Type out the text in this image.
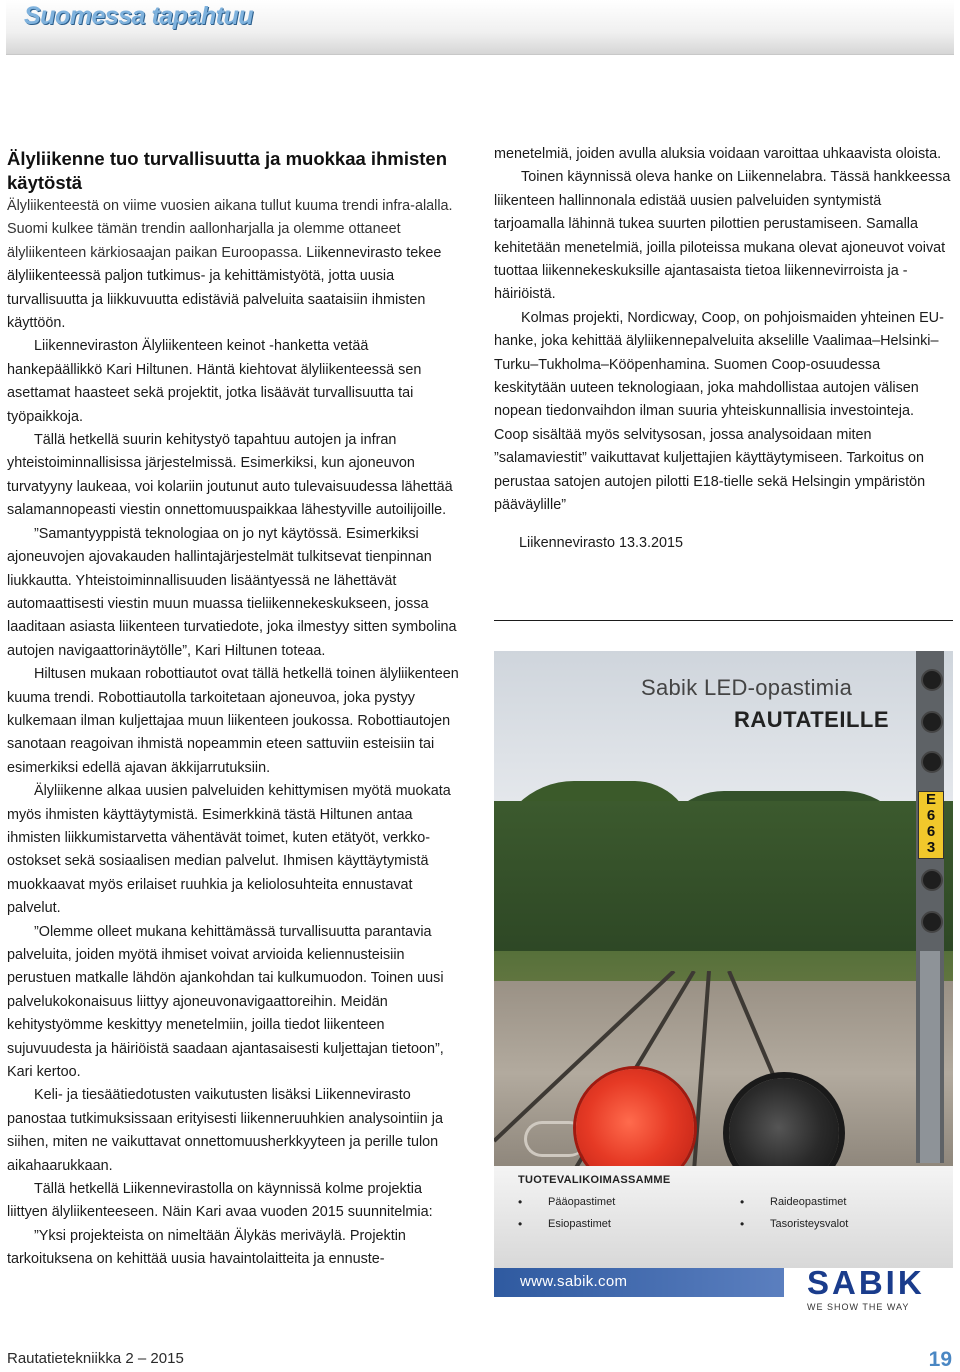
Suomessa tapahtuu
Älyliikenne tuo turvallisuutta ja muokkaa ihmisten käytöstä

Älyliikenteestä on viime vuosien aikana tullut kuuma trendi infra-alalla. Suomi kulkee tämän trendin aallonharjalla ja olemme ottaneet älyliikenteen kärkiosaajan paikan Euroopassa. Liikennevirasto tekee älyliikenteessä paljon tutkimus- ja kehittämistyötä, jotta uusia turvallisuutta ja liikkuvuutta edistäviä palveluita saataisiin ihmisten käyttöön.

Liikenneviraston Älyliikenteen keinot -hanketta vetää hankepäällikkö Kari Hiltunen. Häntä kiehtovat älyliikenteessä sen asettamat haasteet sekä projektit, jotka lisäävät turvallisuutta tai työpaikkoja.

Tällä hetkellä suurin kehitystyö tapahtuu autojen ja infran yhteistoiminnallisissa järjestelmissä. Esimerkiksi, kun ajoneuvon turvatyyny laukeaa, voi kolariin joutunut auto tulevaisuudessa lähettää salamannopeasti viestin onnettomuuspaikkaa lähestyville autoilijoille.

”Samantyyppistä teknologiaa on jo nyt käytössä. Esimerkiksi ajoneuvojen ajovakauden hallintajärjestelmät tulkitsevat tienpinnan liukkautta. Yhteistoiminnallisuuden lisääntyessä ne lähettävät automaattisesti viestin muun muassa tieliikennekeskukseen, jossa laaditaan asiasta liikenteen turvatiedote, joka ilmestyy sitten symbolina autojen navigaattorinäytölle”, Kari Hiltunen toteaa.

Hiltusen mukaan robottiautot ovat tällä hetkellä toinen älyliikenteen kuuma trendi. Robottiautolla tarkoitetaan ajoneuvoa, joka pystyy kulkemaan ilman kuljettajaa muun liikenteen joukossa. Robottiautojen sanotaan reagoivan ihmistä nopeammin eteen sattuviin esteisiin tai esimerkiksi edellä ajavan äkkijarrutuksiin.

Älyliikenne alkaa uusien palveluiden kehittymisen myötä muokata myös ihmisten käyttäytymistä. Esimerkkinä tästä Hiltunen antaa ihmisten liikkumistarvetta vähentävät toimet, kuten etätyöt, verkko-ostokset sekä sosiaalisen median palvelut. Ihmisen käyttäytymistä muokkaavat myös erilaiset ruuhkia ja keliolosuhteita ennustavat palvelut.

”Olemme olleet mukana kehittämässä turvallisuutta parantavia palveluita, joiden myötä ihmiset voivat arvioida keliennusteisiin perustuen matkalle lähdön ajankohdan tai kulkumuodon. Toinen uusi palvelukokonaisuus liittyy ajoneuvonavigaattoreihin. Meidän kehitystyömme keskittyy menetelmiin, joilla tiedot liikenteen sujuvuudesta ja häiriöistä saadaan ajantasaisesti kuljettajan tietoon”, Kari kertoo.

Keli- ja tiesäätiedotusten vaikutusten lisäksi Liikennevirasto panostaa tutkimuksissaan erityisesti liikenneruuhkien analysointiin ja siihen, miten ne vaikuttavat onnettomuusherkkyyteen ja perille tulon aikahaarukkaan.

Tällä hetkellä Liikennevirastolla on käynnissä kolme projektia liittyen älyliikenteeseen. Näin Kari avaa vuoden 2015 suunnitelmia:

”Yksi projekteista on nimeltään Älykäs meriväylä. Projektin tarkoituksena on kehittää uusia havaintolaitteita ja ennuste-

menetelmiä, joiden avulla aluksia voidaan varoittaa uhkaavista oloista.

Toinen käynnissä oleva hanke on Liikennelabra. Tässä hankkeessa liikenteen hallinnonala edistää uusien palveluiden syntymistä tarjoamalla lähinnä tukea suurten pilottien perustamiseen. Samalla kehitetään menetelmiä, joilla piloteissa mukana olevat ajoneuvot voivat tuottaa liikennekeskuksille ajantasaista tietoa liikennevirroista ja -häiriöistä.

Kolmas projekti, Nordicway, Coop, on pohjoismaiden yhteinen EU-hanke, joka kehittää älyliikennepalveluita akselille Vaalimaa–Helsinki–Turku–Tukholma–Kööpenhamina. Suomen Coop-osuudessa keskitytään uuteen teknologiaan, joka mahdollistaa autojen välisen nopean tiedonvaihdon ilman suuria yhteiskunnallisia investointeja. Coop sisältää myös selvitysosan, jossa analysoidaan miten ”salamaviestit” vaikuttavat kuljettajien käyttäytymiseen. Tarkoitus on perustaa satojen autojen pilotti E18-tielle sekä Helsingin ympäristön pääväylille”

Liikennevirasto 13.3.2015

Sabik LED-opastimia
RAUTATEILLE
E
6
6
3
TUOTEVALIKOIMASSAMME
• Pääopastimet
• Esiopastimet
• Raideopastimet
• Tasoristeysvalot
www.sabik.com	SABIK
WE SHOW THE WAY
Rautatietekniikka 2 – 2015	19
